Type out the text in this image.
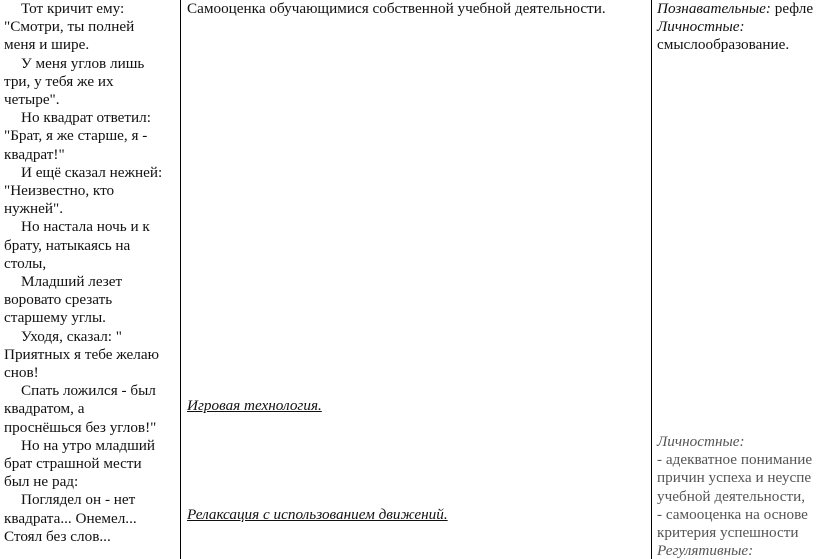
Тот кричит ему:

"Смотри, ты полней

меня и шире.

У меня углов лишь

три, у тебя же их

четыре".

Но квадрат ответил:

"Брат, я же старше, я -

квадрат!"

И ещё сказал нежней:

"Неизвестно, кто

нужней".

Но настала ночь и к

брату, натыкаясь на

столы,

Младший лезет

воровато срезать

старшему углы.

Уходя, сказал: "

Приятных я тебе желаю

снов!

Спать ложился - был

квадратом, а

проснёшься без углов!"

Но на утро младший

брат страшной мести

был не рад:

Поглядел он - нет

квадрата... Онемел...

Стоял без слов...

Самооценка обучающимися собственной учебной деятельности.
Игровая технология.
Релаксация с использованием движений.

Познавательные: рефле

Личностные:

смыслообразование.

Личностные:

- адекватное понимание

причин успеха и неуспе

учебной деятельности,

- самооценка на основе

критерия успешности

Регулятивные:
